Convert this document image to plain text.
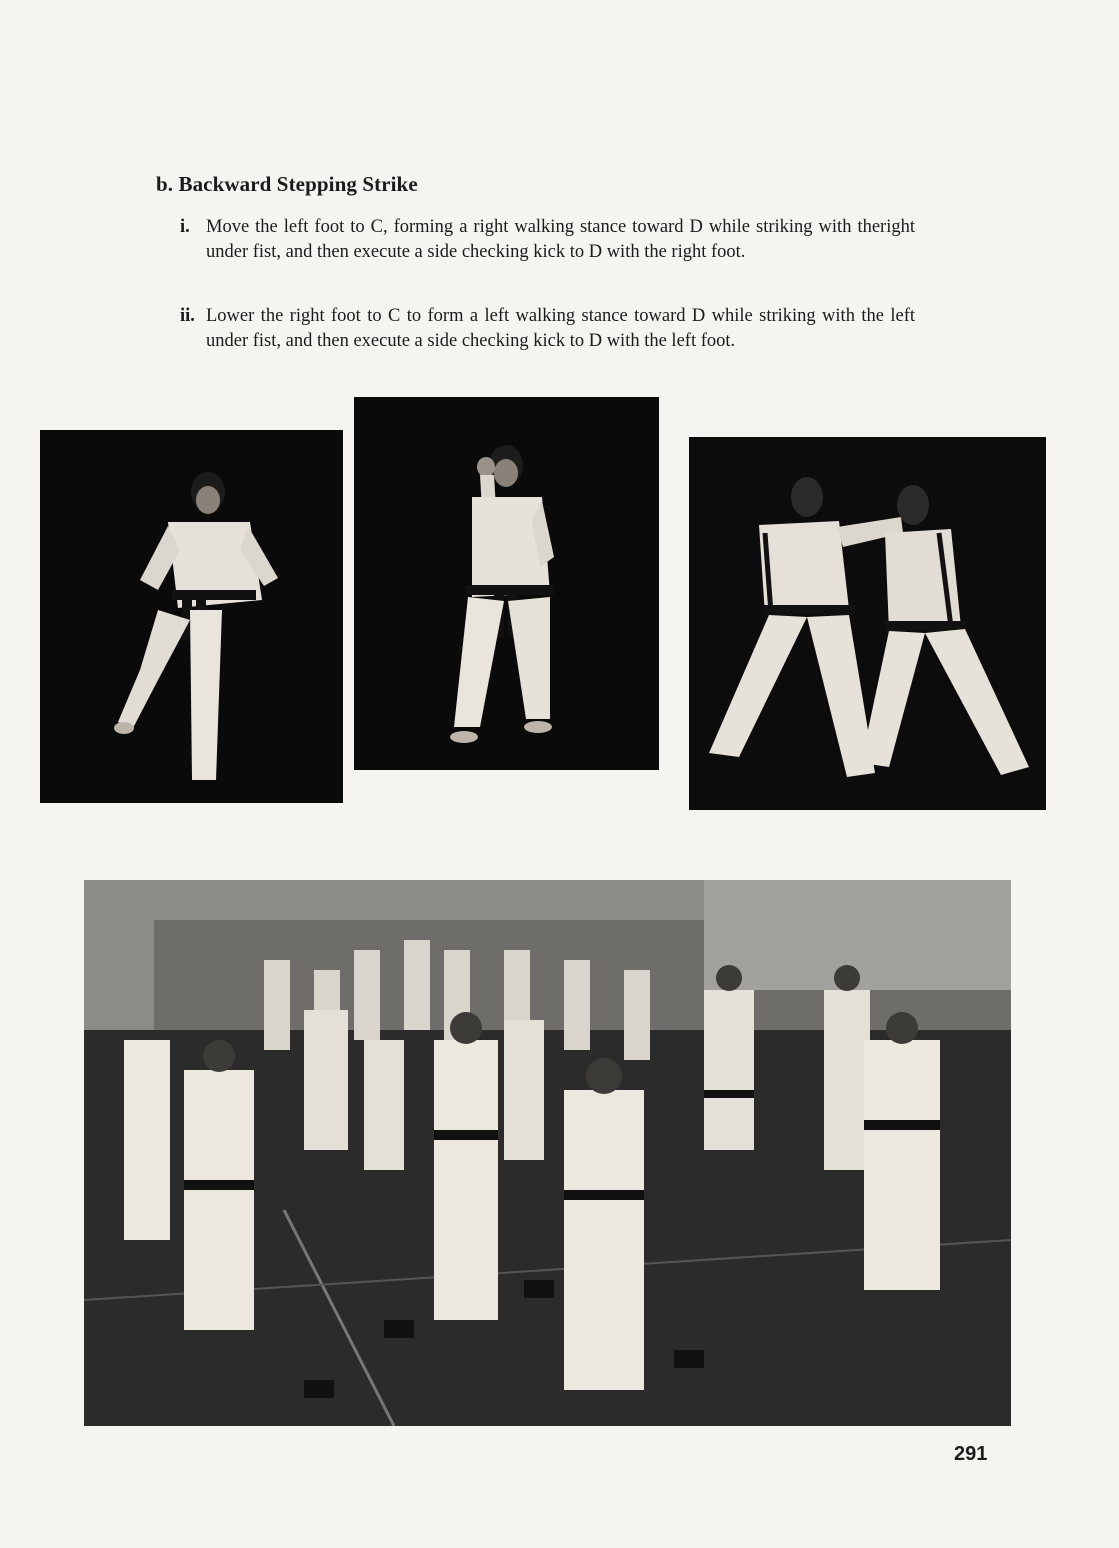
b. Backward Stepping Strike
i. Move the left foot to C, forming a right walking stance toward D while striking with theright under fist, and then execute a side checking kick to D with the right foot.
ii. Lower the right foot to C to form a left walking stance toward D while striking with the left under fist, and then execute a side checking kick to D with the left foot.
291
